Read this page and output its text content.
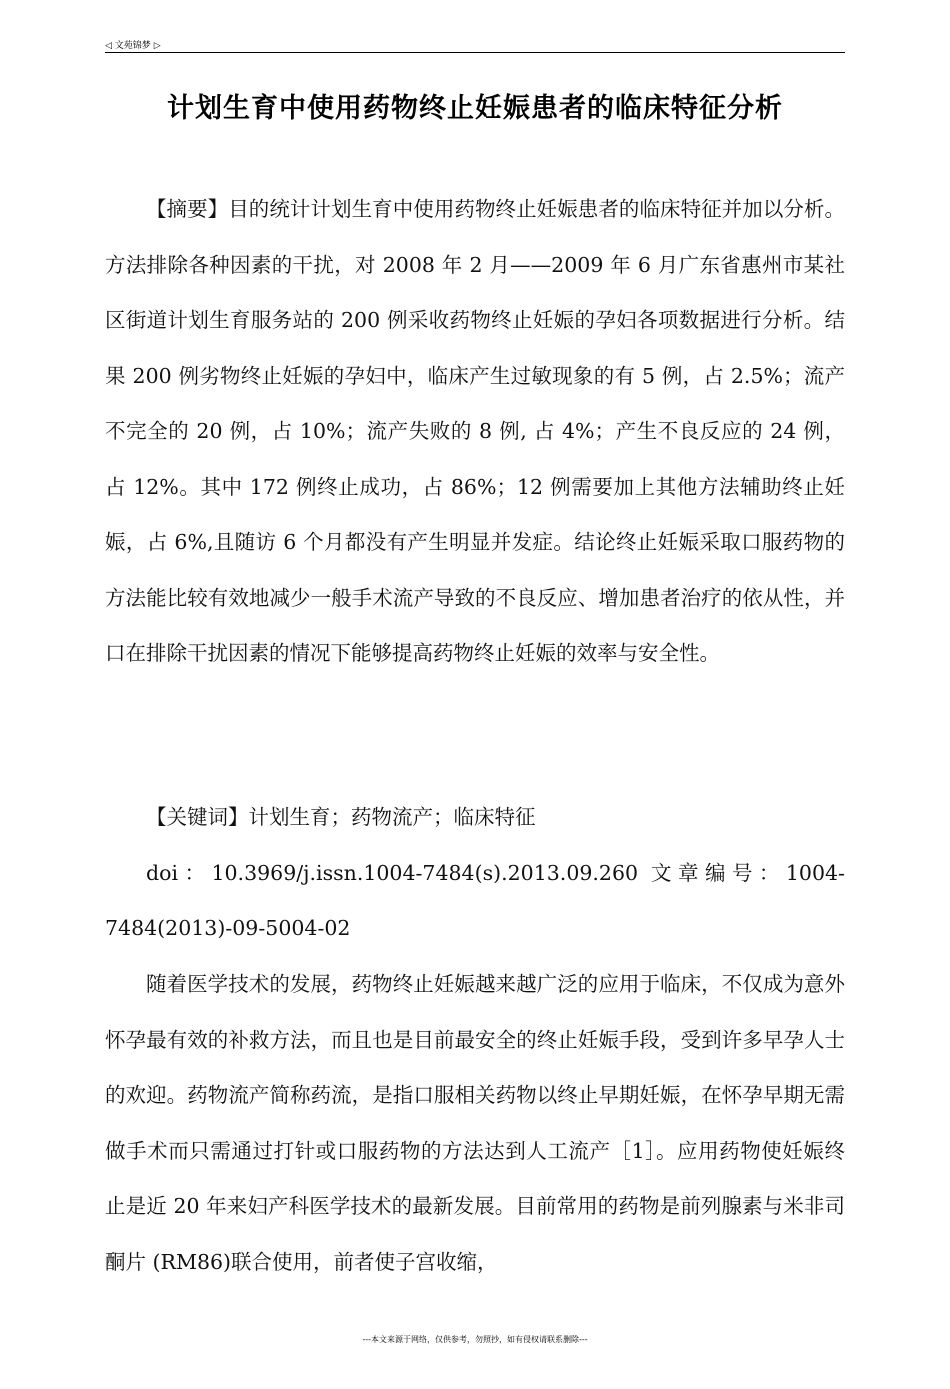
◁ 文苑锦梦 ▷
计划生育中使用药物终止妊娠患者的临床特征分析

【摘要】目的统计计划生育中使用药物终止妊娠患者的临床特征并加以分析。方法排除各种因素的干扰，对 2008 年 2 月——2009 年 6 月广东省惠州市某社区街道计划生育服务站的 200 例采收药物终止妊娠的孕妇各项数据进行分析。结果 200 例劣物终止妊娠的孕妇中，临床产生过敏现象的有 5 例，占 2.5%；流产不完全的 20 例，占 10%；流产失败的 8 例, 占 4%；产生不良反应的 24 例，占 12%。其中 172 例终止成功，占 86%；12 例需要加上其他方法辅助终止妊娠，占 6%,且随访 6 个月都没有产生明显并发症。结论终止妊娠采取口服药物的方法能比较有效地减少一般手术流产导致的不良反应、增加患者治疗的依从性，并口在排除干扰因素的情况下能够提高药物终止妊娠的效率与安全性。

【关键词】计划生育；药物流产；临床特征

doi：10.3969/j.issn.1004-7484(s).2013.09.260 文章编号：1004-7484(2013)-09-5004-02

随着医学技术的发展，药物终止妊娠越来越广泛的应用于临床，不仅成为意外怀孕最有效的补救方法，而且也是目前最安全的终止妊娠手段，受到许多早孕人士的欢迎。药物流产简称药流，是指口服相关药物以终止早期妊娠，在怀孕早期无需做手术而只需通过打针或口服药物的方法达到人工流产［1］。应用药物使妊娠终止是近 20 年来妇产科医学技术的最新发展。目前常用的药物是前列腺素与米非司酮片 (RM86)联合使用，前者使子宫收缩，

---本文来源于网络，仅供参考，勿照抄，如有侵权请联系删除---
